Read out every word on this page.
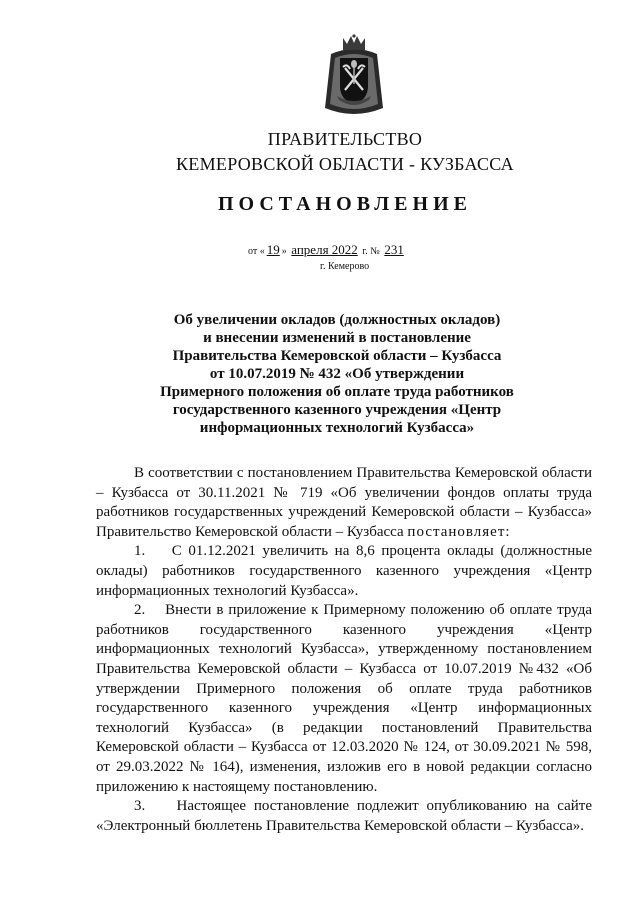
ПРАВИТЕЛЬСТВО
КЕМЕРОВСКОЙ ОБЛАСТИ - КУЗБАССА
ПОСТАНОВЛЕНИЕ
от « 19 » апреля 2022 г. № 231
г. Кемерово
Об увеличении окладов (должностных окладов)
и внесении изменений в постановление
Правительства Кемеровской области – Кузбасса
от 10.07.2019 № 432 «Об утверждении
Примерного положения об оплате труда работников
государственного казенного учреждения «Центр
информационных технологий Кузбасса»

В соответствии с постановлением Правительства Кемеровской области – Кузбасса от 30.11.2021 № 719 «Об увеличении фондов оплаты труда работников государственных учреждений Кемеровской области – Кузбасса» Правительство Кемеровской области – Кузбасса постановляет:

1.    С 01.12.2021 увеличить на 8,6 процента оклады (должностные оклады) работников государственного казенного учреждения «Центр информационных технологий Кузбасса».

2.    Внести в приложение к Примерному положению об оплате труда работников государственного казенного учреждения «Центр информационных технологий Кузбасса», утвержденному постановлением Правительства Кемеровской области – Кузбасса от 10.07.2019 №432 «Об утверждении Примерного положения об оплате труда работников государственного казенного учреждения «Центр информационных технологий Кузбасса» (в редакции постановлений Правительства Кемеровской области – Кузбасса от 12.03.2020 № 124, от 30.09.2021 № 598, от 29.03.2022 № 164), изменения, изложив его в новой редакции согласно приложению к настоящему постановлению.

3.    Настоящее постановление подлежит опубликованию на сайте «Электронный бюллетень Правительства Кемеровской области – Кузбасса».
